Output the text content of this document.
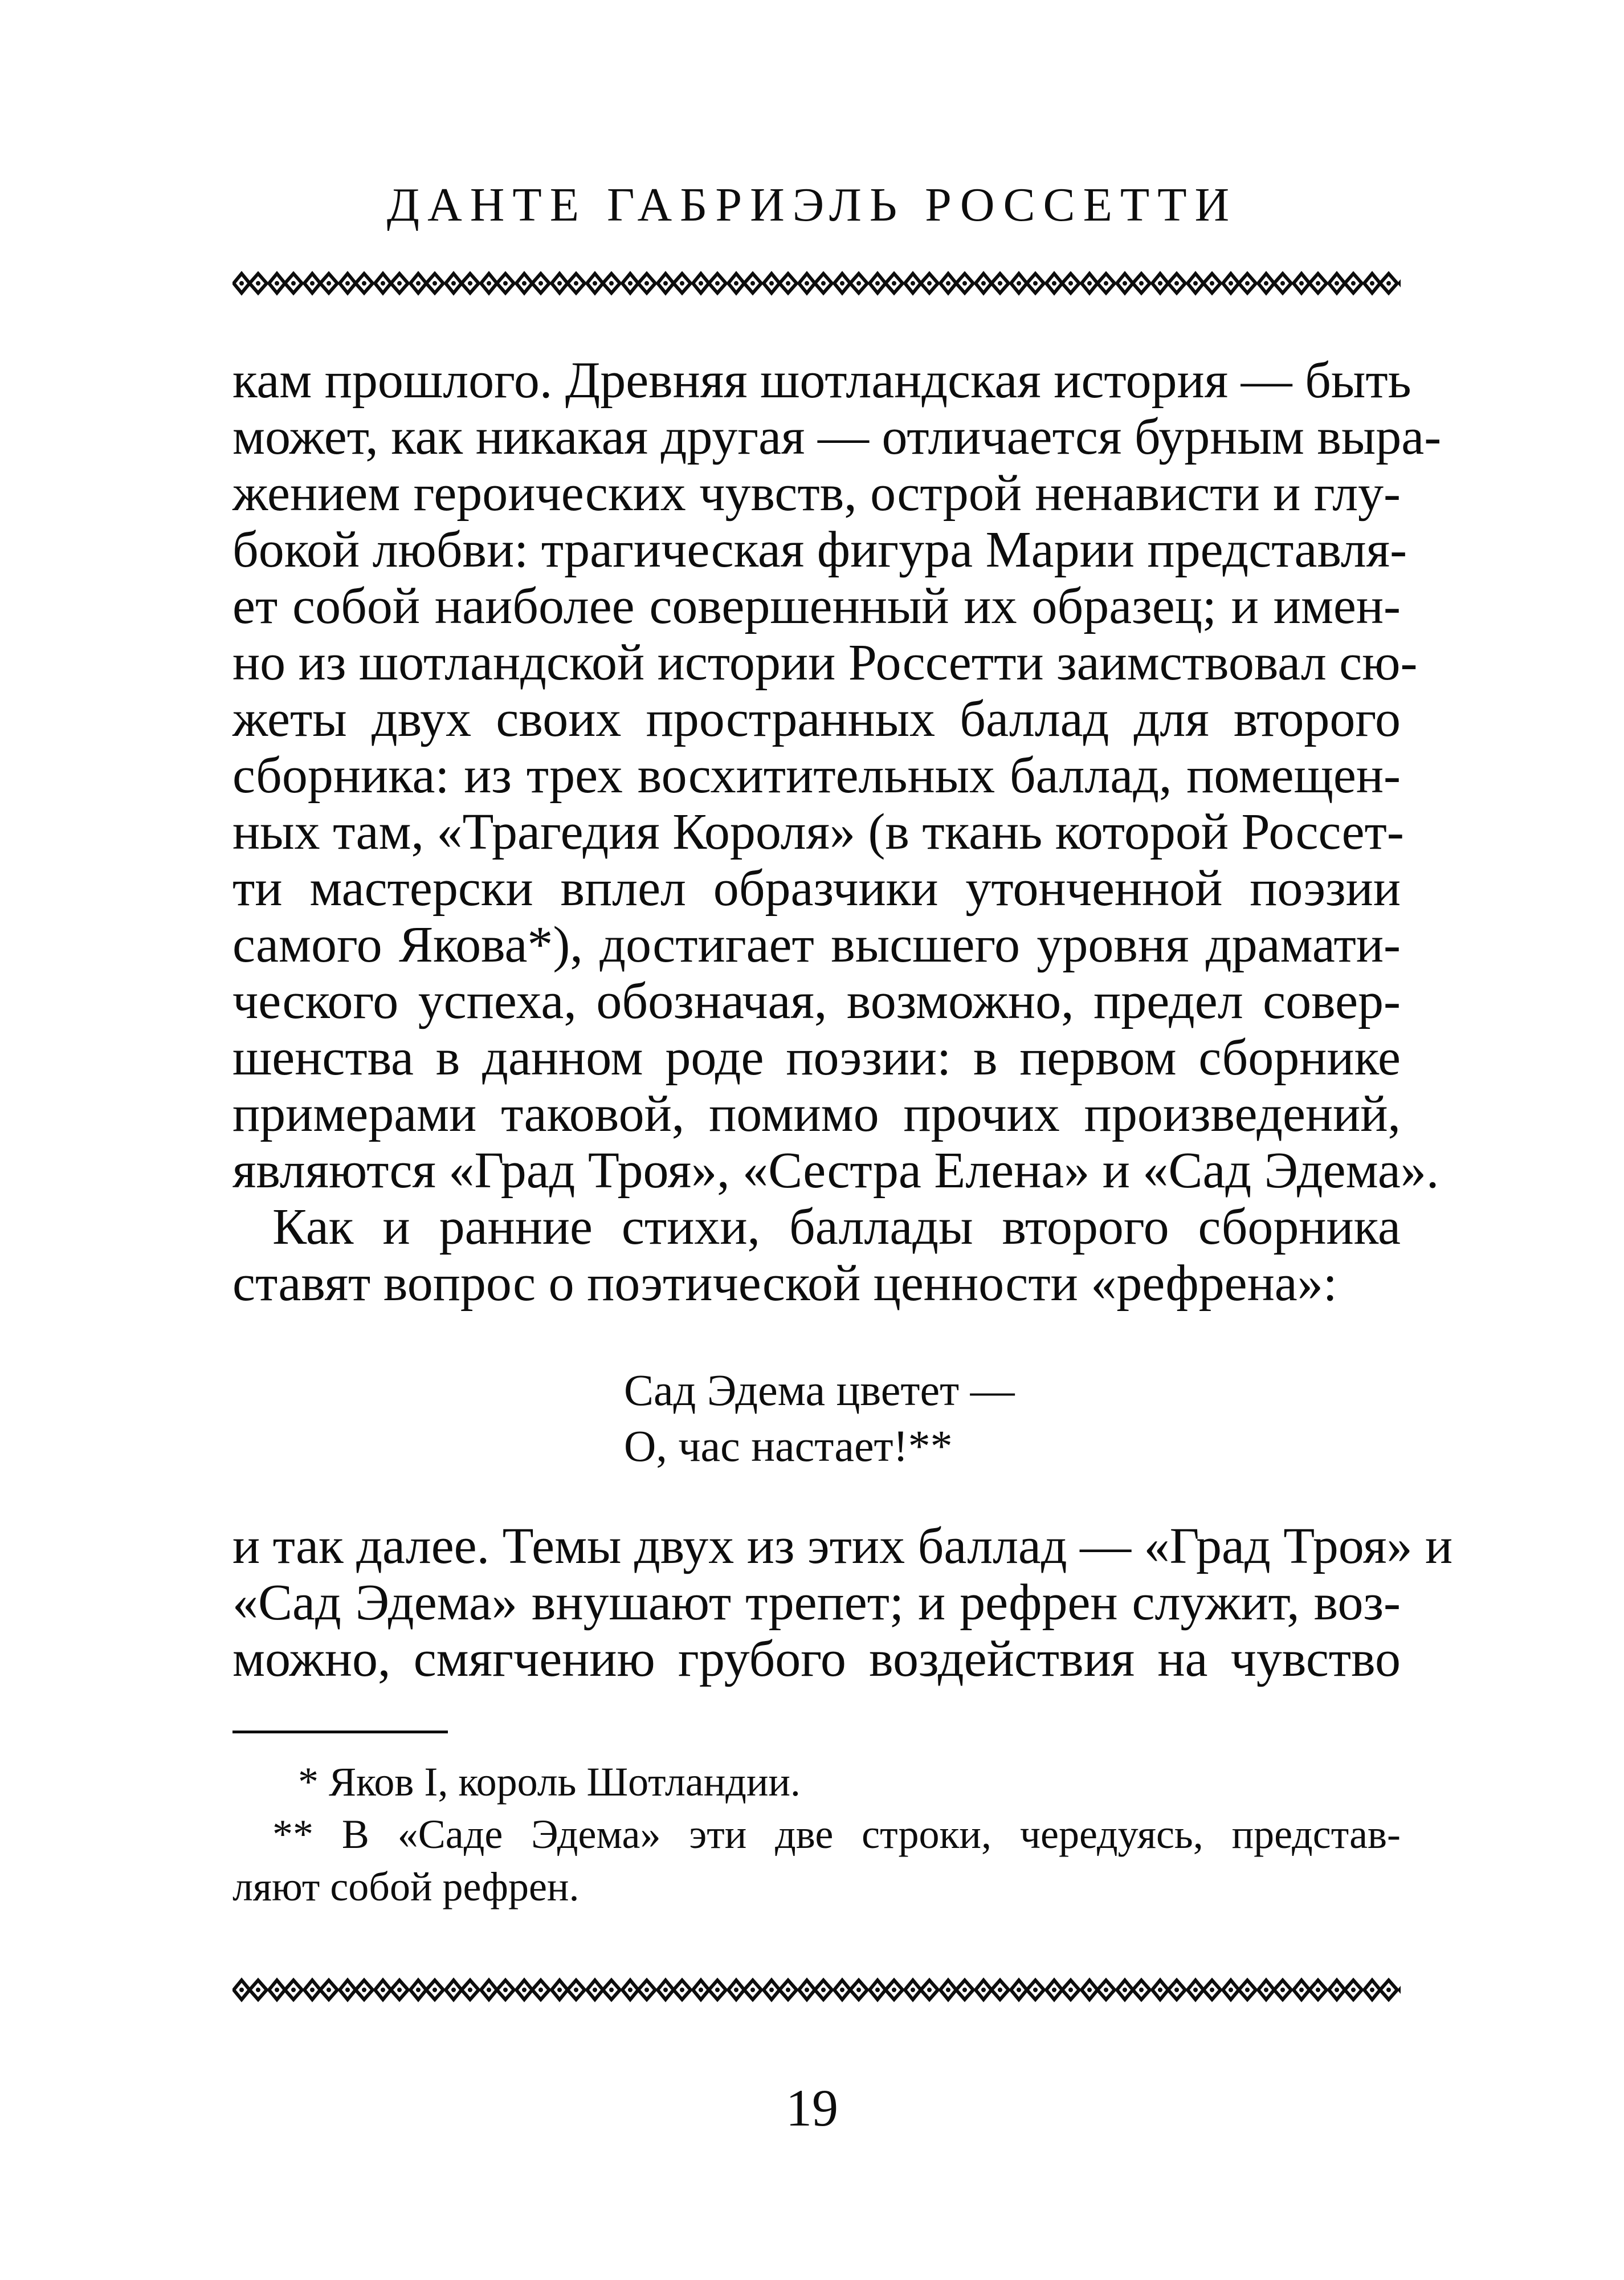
ДАНТЕ ГАБРИЭЛЬ РОССЕТТИ
кам прошлого. Древняя шотландская история — быть
может, как никакая другая — отличается бурным выра-
жением героических чувств, острой ненависти и глу-
бокой любви: трагическая фигура Марии представля-
ет собой наиболее совершенный их образец; и имен-
но из шотландской истории Россетти заимствовал сю-
жеты двух своих пространных баллад для второго
сборника: из трех восхитительных баллад, помещен-
ных там, «Трагедия Короля» (в ткань которой Россет-
ти мастерски вплел образчики утонченной поэзии
самого Якова*), достигает высшего уровня драмати-
ческого успеха, обозначая, возможно, предел совер-
шенства в данном роде поэзии: в первом сборнике
примерами таковой, помимо прочих произведений,
являются «Град Троя», «Сестра Елена» и «Сад Эдема».
Как и ранние стихи, баллады второго сборника
ставят вопрос о поэтической ценности «рефрена»:
Сад Эдема цветет —
О, час настает!**
и так далее. Темы двух из этих баллад — «Град Троя» и
«Сад Эдема» внушают трепет; и рефрен служит, воз-
можно, смягчению грубого воздействия на чувство
* Яков I, король Шотландии.
** В «Саде Эдема» эти две строки, чередуясь, представ-
ляют собой рефрен.
19
